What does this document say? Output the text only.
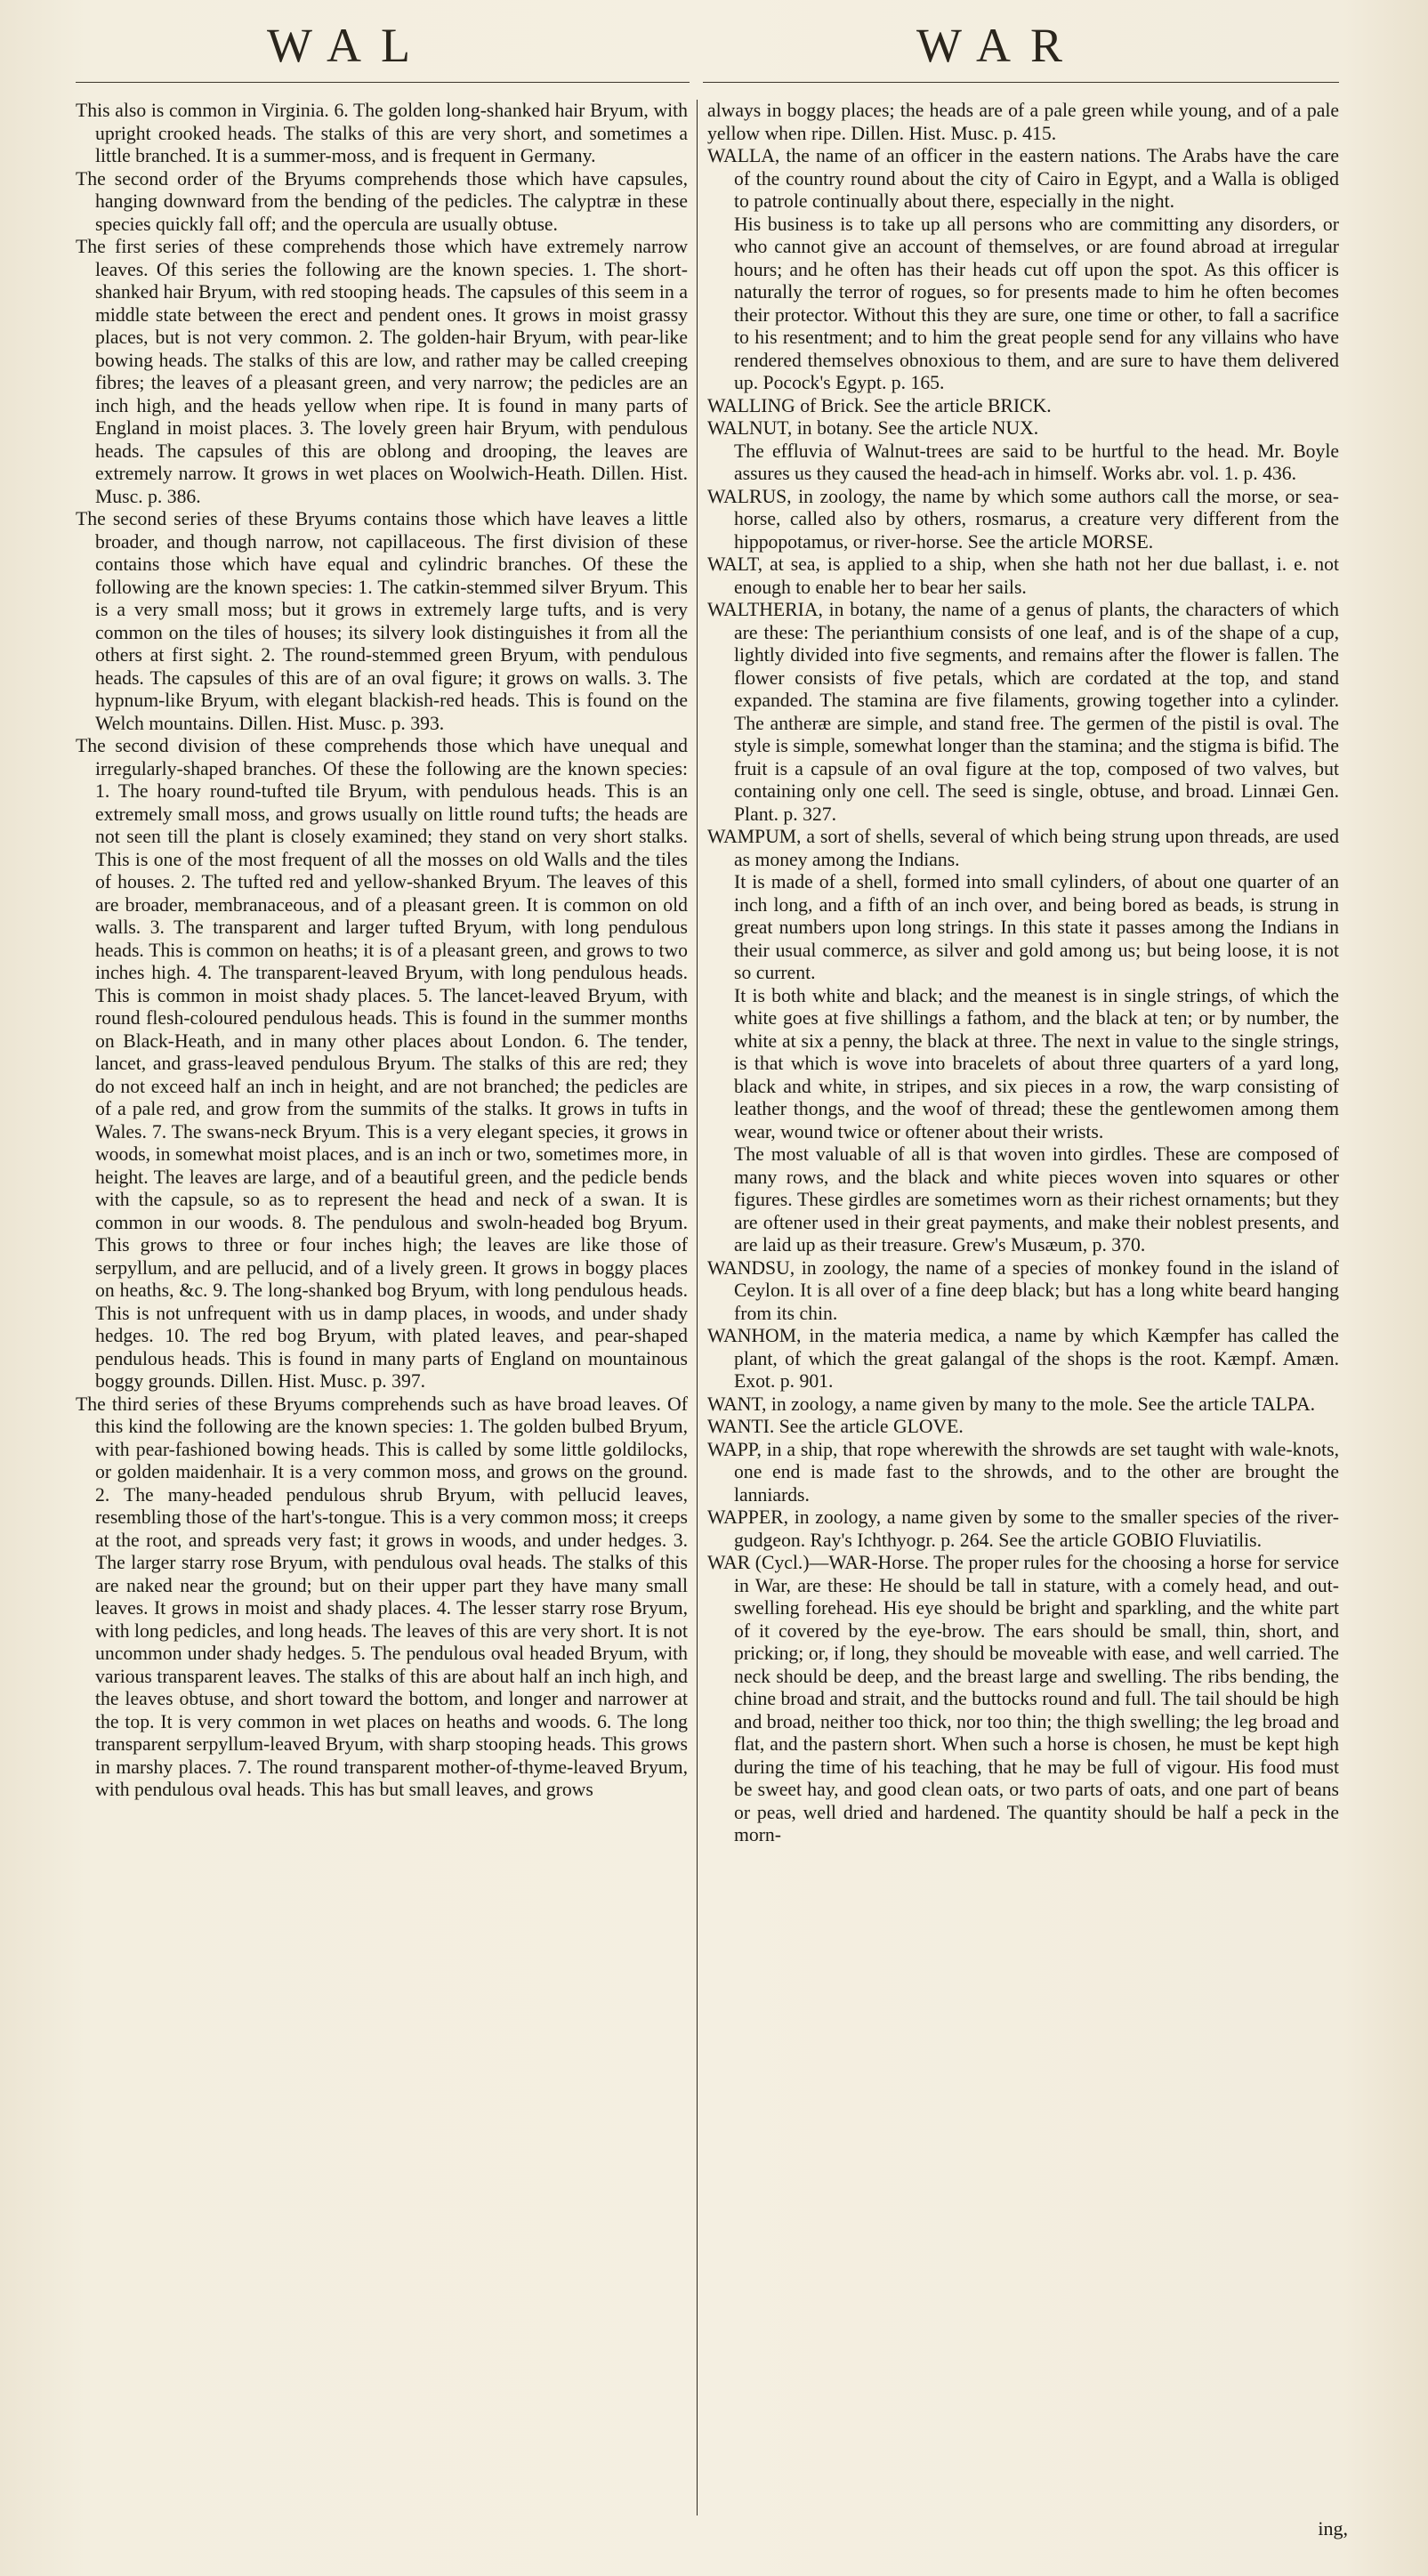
WAL	WAR

This also is common in Virginia. 6. The golden long-shanked hair Bryum, with upright crooked heads. The stalks of this are very short, and sometimes a little branched. It is a summer-moss, and is frequent in Germany.

The second order of the Bryums comprehends those which have capsules, hanging downward from the bending of the pedicles. The calyptræ in these species quickly fall off; and the opercula are usually obtuse.

The first series of these comprehends those which have extremely narrow leaves. Of this series the following are the known species. 1. The short-shanked hair Bryum, with red stooping heads. The capsules of this seem in a middle state between the erect and pendent ones. It grows in moist grassy places, but is not very common. 2. The golden-hair Bryum, with pear-like bowing heads. The stalks of this are low, and rather may be called creeping fibres; the leaves of a pleasant green, and very narrow; the pedicles are an inch high, and the heads yellow when ripe. It is found in many parts of England in moist places. 3. The lovely green hair Bryum, with pendulous heads. The capsules of this are oblong and drooping, the leaves are extremely narrow. It grows in wet places on Woolwich-Heath. Dillen. Hist. Musc. p. 386.

The second series of these Bryums contains those which have leaves a little broader, and though narrow, not capillaceous. The first division of these contains those which have equal and cylindric branches. Of these the following are the known species: 1. The catkin-stemmed silver Bryum. This is a very small moss; but it grows in extremely large tufts, and is very common on the tiles of houses; its silvery look distinguishes it from all the others at first sight. 2. The round-stemmed green Bryum, with pendulous heads. The capsules of this are of an oval figure; it grows on walls. 3. The hypnum-like Bryum, with elegant blackish-red heads. This is found on the Welch mountains. Dillen. Hist. Musc. p. 393.

The second division of these comprehends those which have unequal and irregularly-shaped branches. Of these the following are the known species: 1. The hoary round-tufted tile Bryum, with pendulous heads. This is an extremely small moss, and grows usually on little round tufts; the heads are not seen till the plant is closely examined; they stand on very short stalks. This is one of the most frequent of all the mosses on old Walls and the tiles of houses. 2. The tufted red and yellow-shanked Bryum. The leaves of this are broader, membranaceous, and of a pleasant green. It is common on old walls. 3. The transparent and larger tufted Bryum, with long pendulous heads. This is common on heaths; it is of a pleasant green, and grows to two inches high. 4. The transparent-leaved Bryum, with long pendulous heads. This is common in moist shady places. 5. The lancet-leaved Bryum, with round flesh-coloured pendulous heads. This is found in the summer months on Black-Heath, and in many other places about London. 6. The tender, lancet, and grass-leaved pendulous Bryum. The stalks of this are red; they do not exceed half an inch in height, and are not branched; the pedicles are of a pale red, and grow from the summits of the stalks. It grows in tufts in Wales. 7. The swans-neck Bryum. This is a very elegant species, it grows in woods, in somewhat moist places, and is an inch or two, sometimes more, in height. The leaves are large, and of a beautiful green, and the pedicle bends with the capsule, so as to represent the head and neck of a swan. It is common in our woods. 8. The pendulous and swoln-headed bog Bryum. This grows to three or four inches high; the leaves are like those of serpyllum, and are pellucid, and of a lively green. It grows in boggy places on heaths, &c. 9. The long-shanked bog Bryum, with long pendulous heads. This is not unfrequent with us in damp places, in woods, and under shady hedges. 10. The red bog Bryum, with plated leaves, and pear-shaped pendulous heads. This is found in many parts of England on mountainous boggy grounds. Dillen. Hist. Musc. p. 397.

The third series of these Bryums comprehends such as have broad leaves. Of this kind the following are the known species: 1. The golden bulbed Bryum, with pear-fashioned bowing heads. This is called by some little goldilocks, or golden maidenhair. It is a very common moss, and grows on the ground. 2. The many-headed pendulous shrub Bryum, with pellucid leaves, resembling those of the hart's-tongue. This is a very common moss; it creeps at the root, and spreads very fast; it grows in woods, and under hedges. 3. The larger starry rose Bryum, with pendulous oval heads. The stalks of this are naked near the ground; but on their upper part they have many small leaves. It grows in moist and shady places. 4. The lesser starry rose Bryum, with long pedicles, and long heads. The leaves of this are very short. It is not uncommon under shady hedges. 5. The pendulous oval headed Bryum, with various transparent leaves. The stalks of this are about half an inch high, and the leaves obtuse, and short toward the bottom, and longer and narrower at the top. It is very common in wet places on heaths and woods. 6. The long transparent serpyllum-leaved Bryum, with sharp stooping heads. This grows in marshy places. 7. The round transparent mother-of-thyme-leaved Bryum, with pendulous oval heads. This has but small leaves, and grows

always in boggy places; the heads are of a pale green while young, and of a pale yellow when ripe. Dillen. Hist. Musc. p. 415.

WALLA, the name of an officer in the eastern nations. The Arabs have the care of the country round about the city of Cairo in Egypt, and a Walla is obliged to patrole continually about there, especially in the night.

His business is to take up all persons who are committing any disorders, or who cannot give an account of themselves, or are found abroad at irregular hours; and he often has their heads cut off upon the spot. As this officer is naturally the terror of rogues, so for presents made to him he often becomes their protector. Without this they are sure, one time or other, to fall a sacrifice to his resentment; and to him the great people send for any villains who have rendered themselves obnoxious to them, and are sure to have them delivered up. Pocock's Egypt. p. 165.

WALLING of Brick. See the article BRICK.

WALNUT, in botany. See the article NUX.

The effluvia of Walnut-trees are said to be hurtful to the head. Mr. Boyle assures us they caused the head-ach in himself. Works abr. vol. 1. p. 436.

WALRUS, in zoology, the name by which some authors call the morse, or sea-horse, called also by others, rosmarus, a creature very different from the hippopotamus, or river-horse. See the article MORSE.

WALT, at sea, is applied to a ship, when she hath not her due ballast, i. e. not enough to enable her to bear her sails.

WALTHERIA, in botany, the name of a genus of plants, the characters of which are these: The perianthium consists of one leaf, and is of the shape of a cup, lightly divided into five segments, and remains after the flower is fallen. The flower consists of five petals, which are cordated at the top, and stand expanded. The stamina are five filaments, growing together into a cylinder. The antheræ are simple, and stand free. The germen of the pistil is oval. The style is simple, somewhat longer than the stamina; and the stigma is bifid. The fruit is a capsule of an oval figure at the top, composed of two valves, but containing only one cell. The seed is single, obtuse, and broad. Linnæi Gen. Plant. p. 327.

WAMPUM, a sort of shells, several of which being strung upon threads, are used as money among the Indians.

It is made of a shell, formed into small cylinders, of about one quarter of an inch long, and a fifth of an inch over, and being bored as beads, is strung in great numbers upon long strings. In this state it passes among the Indians in their usual commerce, as silver and gold among us; but being loose, it is not so current.

It is both white and black; and the meanest is in single strings, of which the white goes at five shillings a fathom, and the black at ten; or by number, the white at six a penny, the black at three. The next in value to the single strings, is that which is wove into bracelets of about three quarters of a yard long, black and white, in stripes, and six pieces in a row, the warp consisting of leather thongs, and the woof of thread; these the gentlewomen among them wear, wound twice or oftener about their wrists.

The most valuable of all is that woven into girdles. These are composed of many rows, and the black and white pieces woven into squares or other figures. These girdles are sometimes worn as their richest ornaments; but they are oftener used in their great payments, and make their noblest presents, and are laid up as their treasure. Grew's Musæum, p. 370.

WANDSU, in zoology, the name of a species of monkey found in the island of Ceylon. It is all over of a fine deep black; but has a long white beard hanging from its chin.

WANHOM, in the materia medica, a name by which Kæmpfer has called the plant, of which the great galangal of the shops is the root. Kæmpf. Amæn. Exot. p. 901.

WANT, in zoology, a name given by many to the mole. See the article TALPA.

WANTI. See the article GLOVE.

WAPP, in a ship, that rope wherewith the shrowds are set taught with wale-knots, one end is made fast to the shrowds, and to the other are brought the lanniards.

WAPPER, in zoology, a name given by some to the smaller species of the river-gudgeon. Ray's Ichthyogr. p. 264. See the article GOBIO Fluviatilis.

WAR (Cycl.)—WAR-Horse. The proper rules for the choosing a horse for service in War, are these: He should be tall in stature, with a comely head, and out-swelling forehead. His eye should be bright and sparkling, and the white part of it covered by the eye-brow. The ears should be small, thin, short, and pricking; or, if long, they should be moveable with ease, and well carried. The neck should be deep, and the breast large and swelling. The ribs bending, the chine broad and strait, and the buttocks round and full. The tail should be high and broad, neither too thick, nor too thin; the thigh swelling; the leg broad and flat, and the pastern short. When such a horse is chosen, he must be kept high during the time of his teaching, that he may be full of vigour. His food must be sweet hay, and good clean oats, or two parts of oats, and one part of beans or peas, well dried and hardened. The quantity should be half a peck in the morn-

ing,
